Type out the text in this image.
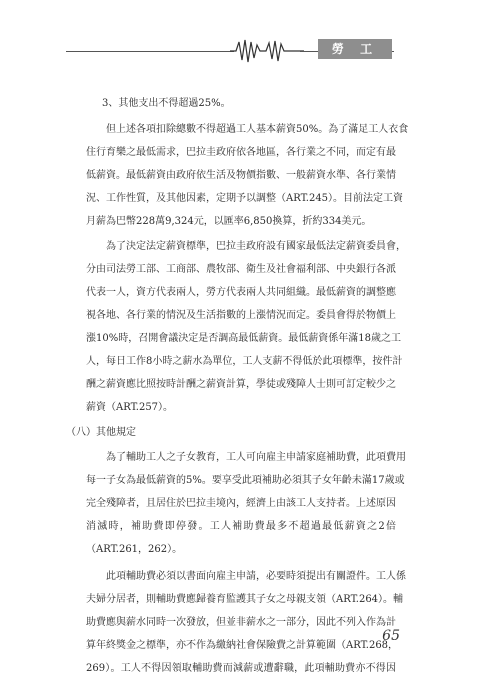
勞 工
3、其他支出不得超過25%。
但上述各項扣除總數不得超過工人基本薪資50%。為了滿足工人衣食
住行育樂之最低需求，巴拉圭政府依各地區，各行業之不同，而定有最
低薪資。最低薪資由政府依生活及物價指數、一般薪資水準、各行業情
況、工作性質，及其他因素，定期予以調整（ART.245）。目前法定工資
月薪為巴幣228萬9,324元，以匯率6,850換算，折約334美元。
為了決定法定薪資標準，巴拉圭政府設有國家最低法定薪資委員會，
分由司法勞工部、工商部、農牧部、衛生及社會福利部、中央銀行各派
代表一人，資方代表兩人，勞方代表兩人共同組織。最低薪資的調整應
視各地、各行業的情況及生活指數的上漲情況而定。委員會得於物價上
漲10%時，召開會議決定是否調高最低薪資。最低薪資係年滿18歲之工
人，每日工作8小時之薪水為單位，工人支薪不得低於此項標準，按件計
酬之薪資應比照按時計酬之薪資計算，學徒或殘障人士則可訂定較少之
薪資（ART.257）。
（八）其他規定
為了輔助工人之子女教育，工人可向雇主申請家庭補助費，此項費用
每一子女為最低薪資的5%。要享受此項補助必須其子女年齡未滿17歲或
完全殘障者，且居住於巴拉圭境內，經濟上由該工人支持者。上述原因
消滅時，補助費即停發。工人補助費最多不超過最低薪資之2倍
（ART.261，262）。
此項輔助費必須以書面向雇主申請，必要時須提出有關證件。工人係
夫婦分居者，則輔助費應歸養育監護其子女之母親支領（ART.264）。輔
助費應與薪水同時一次發放，但並非薪水之一部分，因此不列入作為計
算年終獎金之標準，亦不作為繳納社會保險費之計算範圍（ART.268，
269）。工人不得因領取輔助費而減薪或遭辭職，此項輔助費亦不得因
65
